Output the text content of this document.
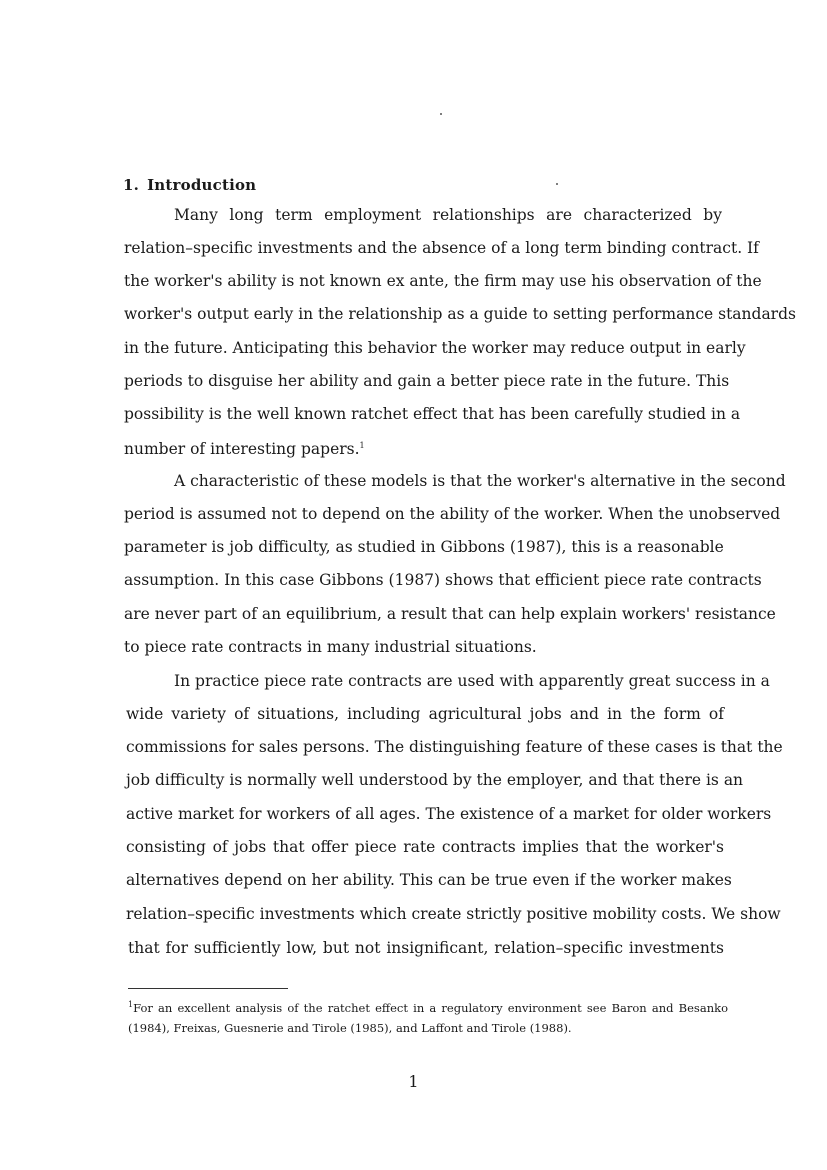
1. Introduction
Many long term employment relationships are characterized by
relation–specific investments and the absence of a long term binding contract. If
the worker's ability is not known ex ante, the firm may use his observation of the
worker's output early in the relationship as a guide to setting performance standards
in the future. Anticipating this behavior the worker may reduce output in early
periods to disguise her ability and gain a better piece rate in the future. This
possibility is the well known ratchet effect that has been carefully studied in a
number of interesting papers.$^1$
A characteristic of these models is that the worker's alternative in the second
period is assumed not to depend on the ability of the worker. When the unobserved
parameter is job difficulty, as studied in Gibbons (1987), this is a reasonable
assumption. In this case Gibbons (1987) shows that efficient piece rate contracts
are never part of an equilibrium, a result that can help explain workers' resistance
to piece rate contracts in many industrial situations.
In practice piece rate contracts are used with apparently great success in a
wide variety of situations, including agricultural jobs and in the form of
commissions for sales persons. The distinguishing feature of these cases is that the
job difficulty is normally well understood by the employer, and that there is an
active market for workers of all ages. The existence of a market for older workers
consisting of jobs that offer piece rate contracts implies that the worker's
alternatives depend on her ability. This can be true even if the worker makes
relation–specific investments which create strictly positive mobility costs. We show
that for sufficiently low, but not insignificant, relation–specific investments
$^1$For an excellent analysis of the ratchet effect in a regulatory environment see Baron and Besanko
(1984), Freixas, Guesnerie and Tirole (1985), and Laffont and Tirole (1988).
1
